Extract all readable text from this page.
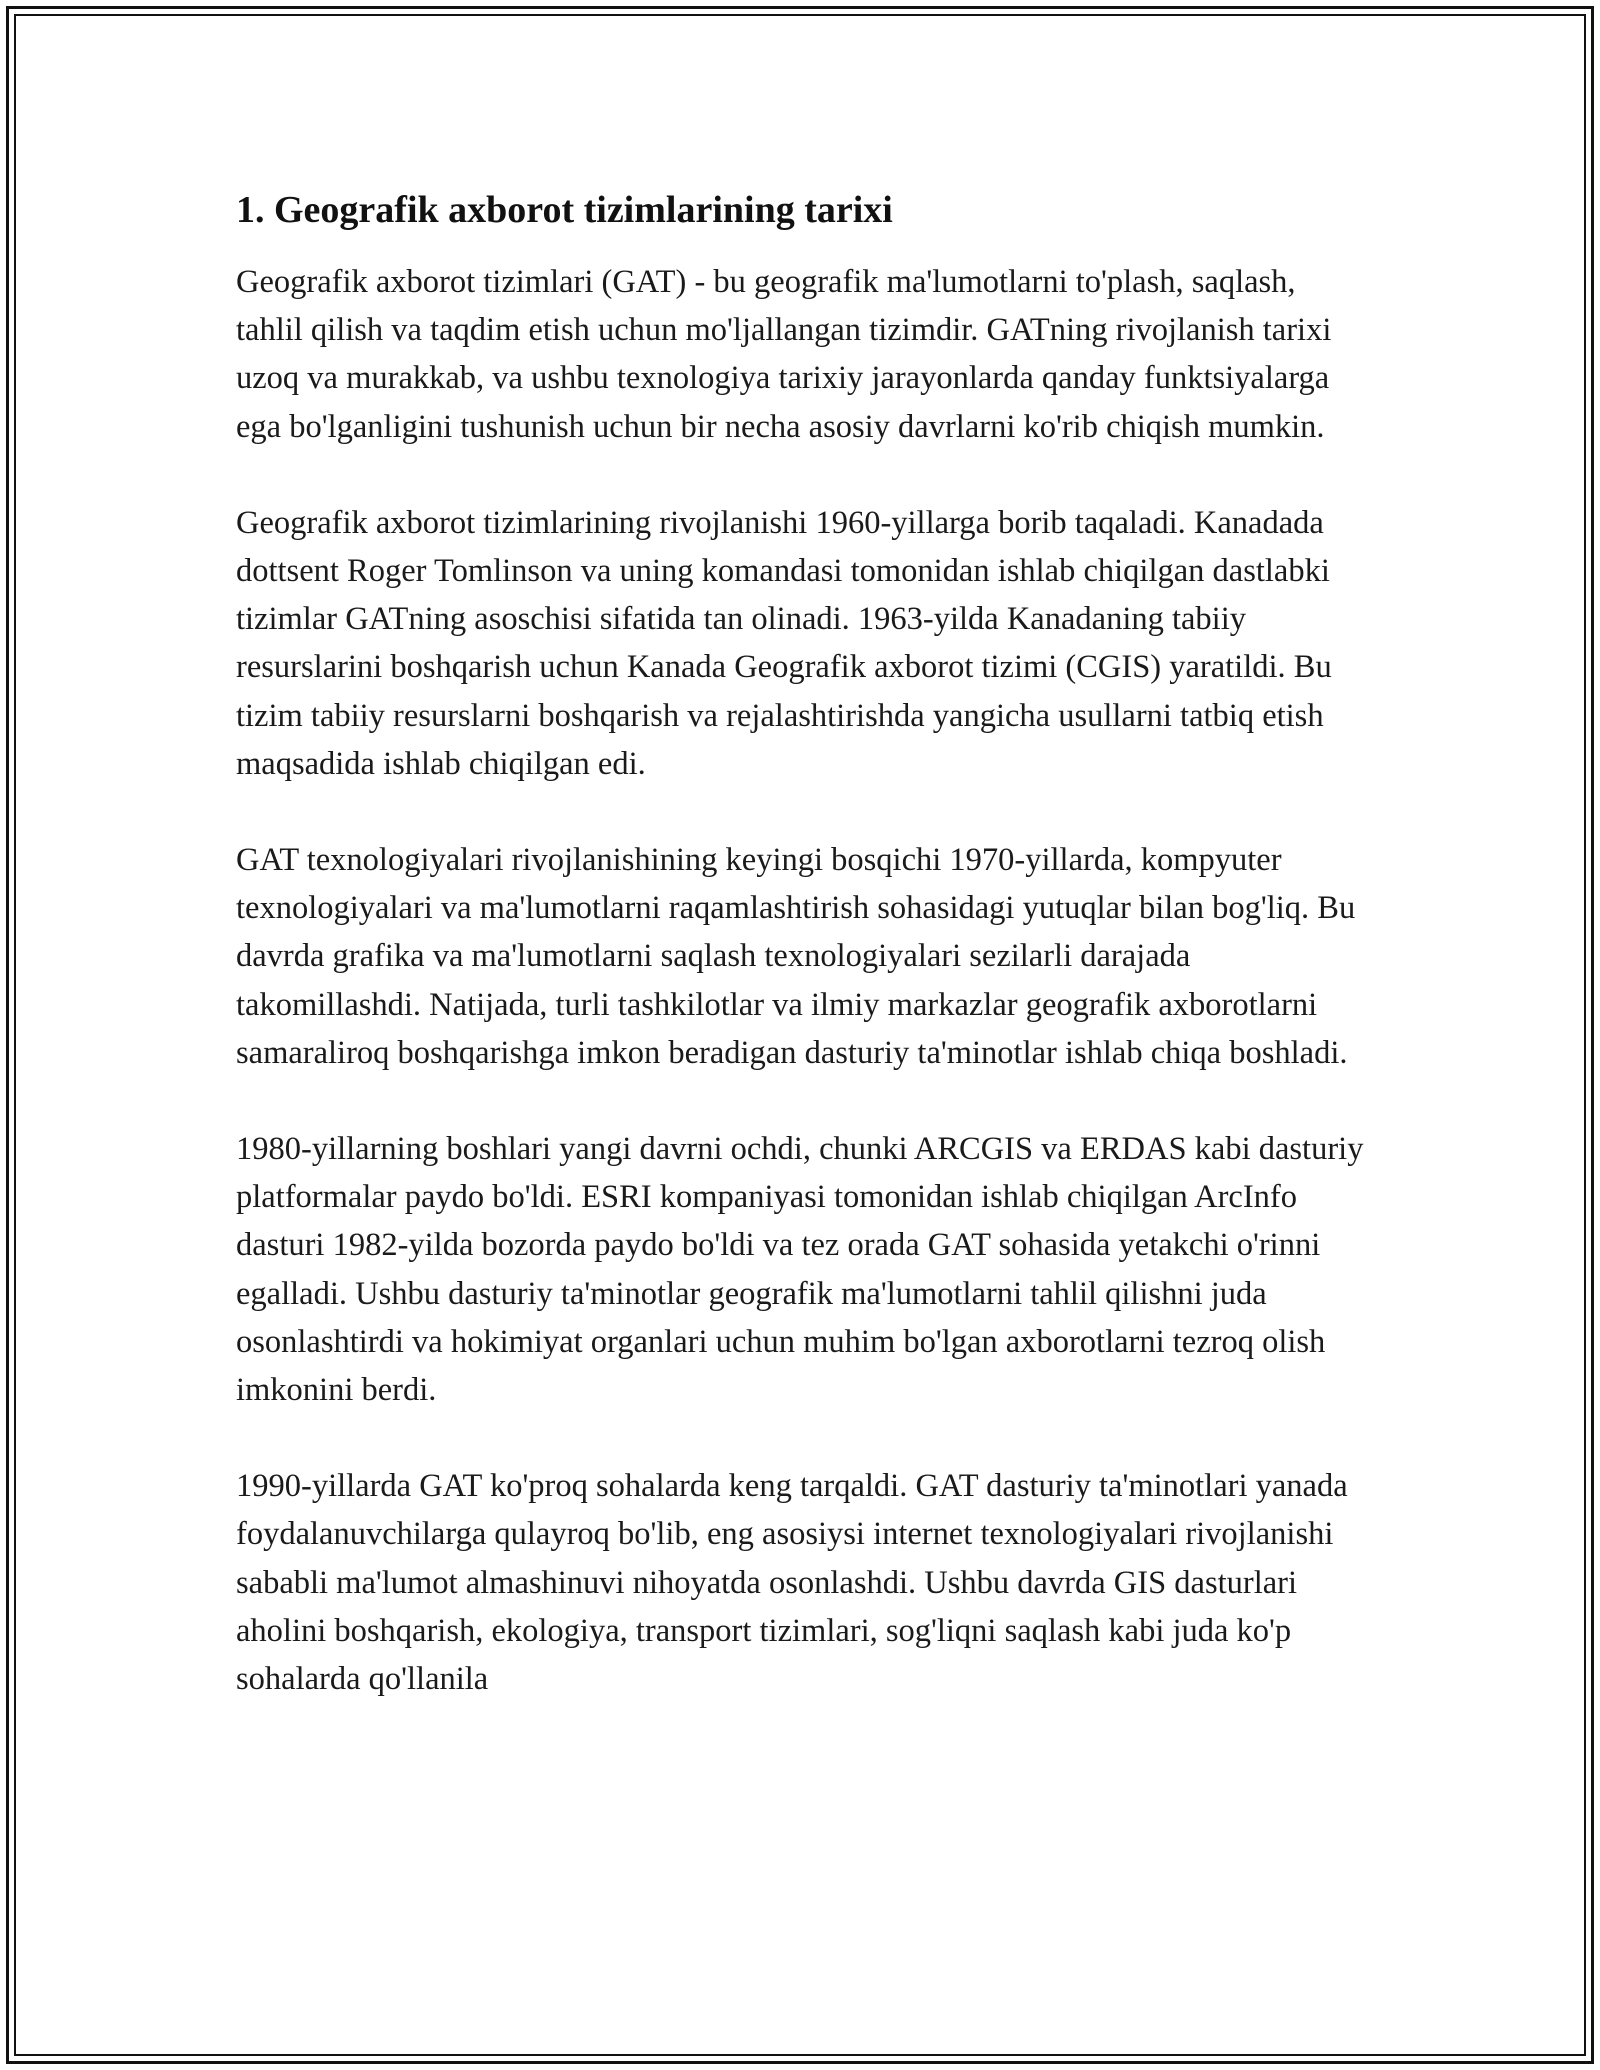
1. Geografik axborot tizimlarining tarixi

Geografik axborot tizimlari (GAT) - bu geografik ma'lumotlarni to'plash, saqlash, tahlil qilish va taqdim etish uchun mo'ljallangan tizimdir. GATning rivojlanish tarixi uzoq va murakkab, va ushbu texnologiya tarixiy jarayonlarda qanday funktsiyalarga ega bo'lganligini tushunish uchun bir necha asosiy davrlarni ko'rib chiqish mumkin.

Geografik axborot tizimlarining rivojlanishi 1960-yillarga borib taqaladi. Kanadada dottsent Roger Tomlinson va uning komandasi tomonidan ishlab chiqilgan dastlabki tizimlar GATning asoschisi sifatida tan olinadi. 1963-yilda Kanadaning tabiiy resurslarini boshqarish uchun Kanada Geografik axborot tizimi (CGIS) yaratildi. Bu tizim tabiiy resurslarni boshqarish va rejalashtirishda yangicha usullarni tatbiq etish maqsadida ishlab chiqilgan edi.

GAT texnologiyalari rivojlanishining keyingi bosqichi 1970-yillarda, kompyuter texnologiyalari va ma'lumotlarni raqamlashtirish sohasidagi yutuqlar bilan bog'liq. Bu davrda grafika va ma'lumotlarni saqlash texnologiyalari sezilarli darajada takomillashdi. Natijada, turli tashkilotlar va ilmiy markazlar geografik axborotlarni samaraliroq boshqarishga imkon beradigan dasturiy ta'minotlar ishlab chiqa boshladi.

1980-yillarning boshlari yangi davrni ochdi, chunki ARCGIS va ERDAS kabi dasturiy platformalar paydo bo'ldi. ESRI kompaniyasi tomonidan ishlab chiqilgan ArcInfo dasturi 1982-yilda bozorda paydo bo'ldi va tez orada GAT sohasida yetakchi o'rinni egalladi. Ushbu dasturiy ta'minotlar geografik ma'lumotlarni tahlil qilishni juda osonlashtirdi va hokimiyat organlari uchun muhim bo'lgan axborotlarni tezroq olish imkonini berdi.

1990-yillarda GAT ko'proq sohalarda keng tarqaldi. GAT dasturiy ta'minotlari yanada foydalanuvchilarga qulayroq bo'lib, eng asosiysi internet texnologiyalari rivojlanishi sababli ma'lumot almashinuvi nihoyatda osonlashdi. Ushbu davrda GIS dasturlari aholini boshqarish, ekologiya, transport tizimlari, sog'liqni saqlash kabi juda ko'p sohalarda qo'llanila
